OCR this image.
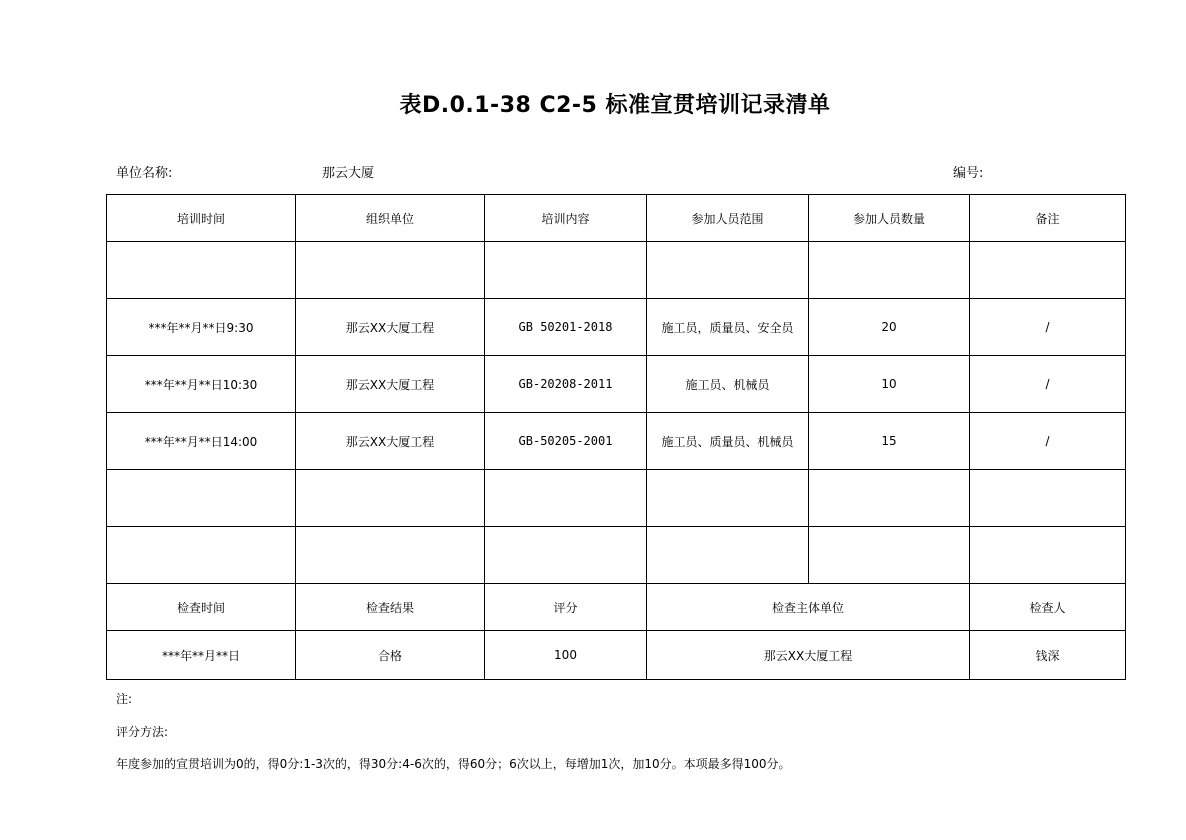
表D.0.1-38 C2-5 标准宣贯培训记录清单
单位名称:	那云大厦	编号:
培训时间	组织单位	培训内容	参加人员范围	参加人员数量	备注

***年**月**日9:30	那云XX大厦工程	GB 50201-2018	施工员，质量员、安全员	20	/
***年**月**日10:30	那云XX大厦工程	GB-20208-2011	施工员、机械员	10	/
***年**月**日14:00	那云XX大厦工程	GB-50205-2001	施工员、质量员、机械员	15	/

检查时间	检查结果	评分	检查主体单位		检查人
***年**月**日	合格	100	那云XX大厦工程		钱深
注:
评分方法:
年度参加的宣贯培训为0的，得0分:1-3次的，得30分:4-6次的，得60分；6次以上，每增加1次，加10分。本项最多得100分。
